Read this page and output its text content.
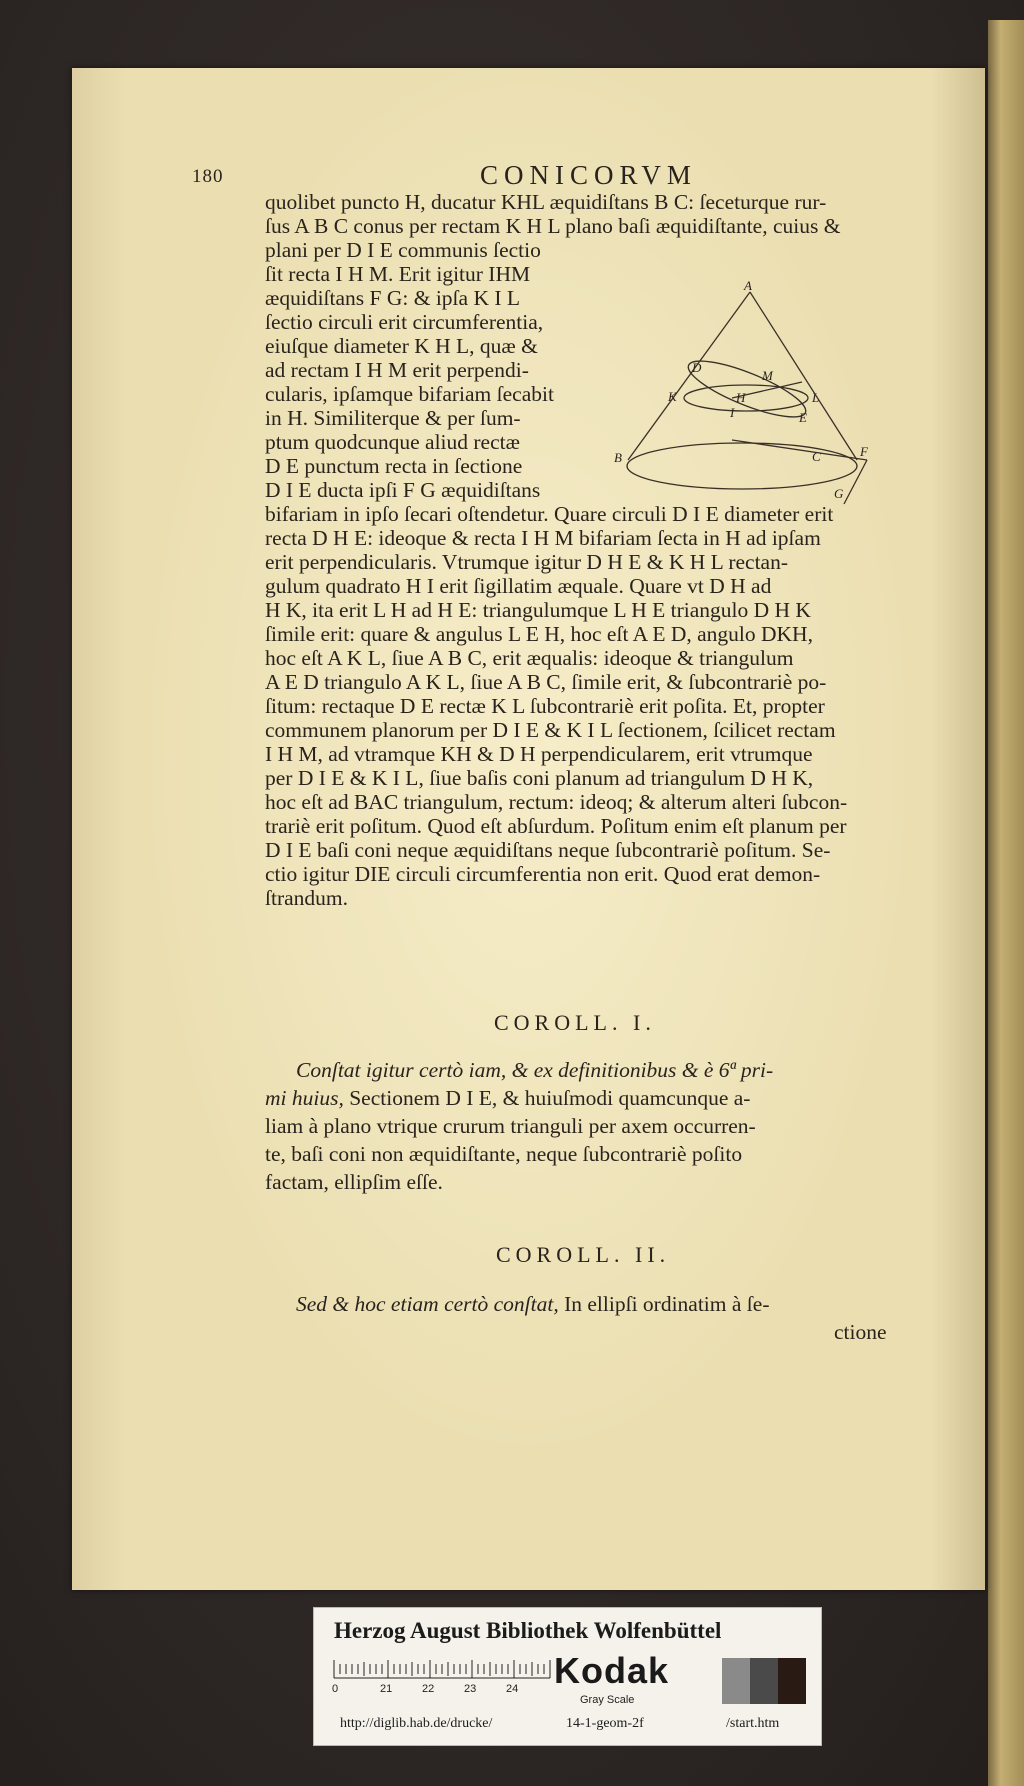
180	CONICORVM
quolibet puncto H, ducatur KHL æquidiſtans B C: ſeceturque rur-
ſus A B C conus per rectam K H L plano baſi æquidiſtante, cuius &
plani per D I E communis ſectio
ſit recta I H M. Erit igitur IHM
æquidiſtans F G: & ipſa K I L
ſectio circuli erit circumferentia,
eiuſque diameter K H L, quæ &
ad rectam I H M erit perpendi-
cularis, ipſamque bifariam ſecabit
in H. Similiterque & per ſum-
ptum quodcunque aliud rectæ
D E punctum recta in ſectione
D I E ducta ipſi F G æquidiſtans
bifariam in ipſo ſecari oſtendetur. Quare circuli D I E diameter erit
recta D H E: ideoque & recta I H M bifariam ſecta in H ad ipſam
erit perpendicularis. Vtrumque igitur D H E & K H L rectan-
gulum quadrato H I erit ſigillatim æquale. Quare vt D H ad
H K, ita erit L H ad H E: triangulumque L H E triangulo D H K
ſimile erit: quare & angulus L E H, hoc eſt A E D, angulo DKH,
hoc eſt A K L, ſiue A B C, erit æqualis: ideoque & triangulum
A E D triangulo A K L, ſiue A B C, ſimile erit, & ſubcontrariè po-
ſitum: rectaque D E rectæ K L ſubcontrariè erit poſita. Et, propter
communem planorum per D I E & K I L ſectionem, ſcilicet rectam
I H M, ad vtramque KH & D H perpendicularem, erit vtrumque
per D I E & K I L, ſiue baſis coni planum ad triangulum D H K,
hoc eſt ad BAC triangulum, rectum: ideoq; & alterum alteri ſubcon-
trariè erit poſitum. Quod eſt abſurdum. Poſitum enim eſt planum per
D I E baſi coni neque æquidiſtans neque ſubcontrariè poſitum. Se-
ctio igitur DIE circuli circumferentia non erit. Quod erat demon-
ſtrandum.
A
D
M
K	H	L
I	E
B	C	F
G
COROLL. I.
Conſtat igitur certò iam, & ex definitionibus & è 6ª pri-
mi huius, Sectionem D I E, & huiuſmodi quamcunque a-
liam à plano vtrique crurum trianguli per axem occurren-
te, baſi coni non æquidiſtante, neque ſubcontrariè poſito
factam, ellipſim eſſe.
COROLL. II.
Sed & hoc etiam certò conſtat, In ellipſi ordinatim à ſe-
ctione
Herzog August Bibliothek Wolfenbüttel
0	21	22	23	24 Kodak
Gray Scale
http://diglib.hab.de/drucke/	14-1-geom-2f	/start.htm
